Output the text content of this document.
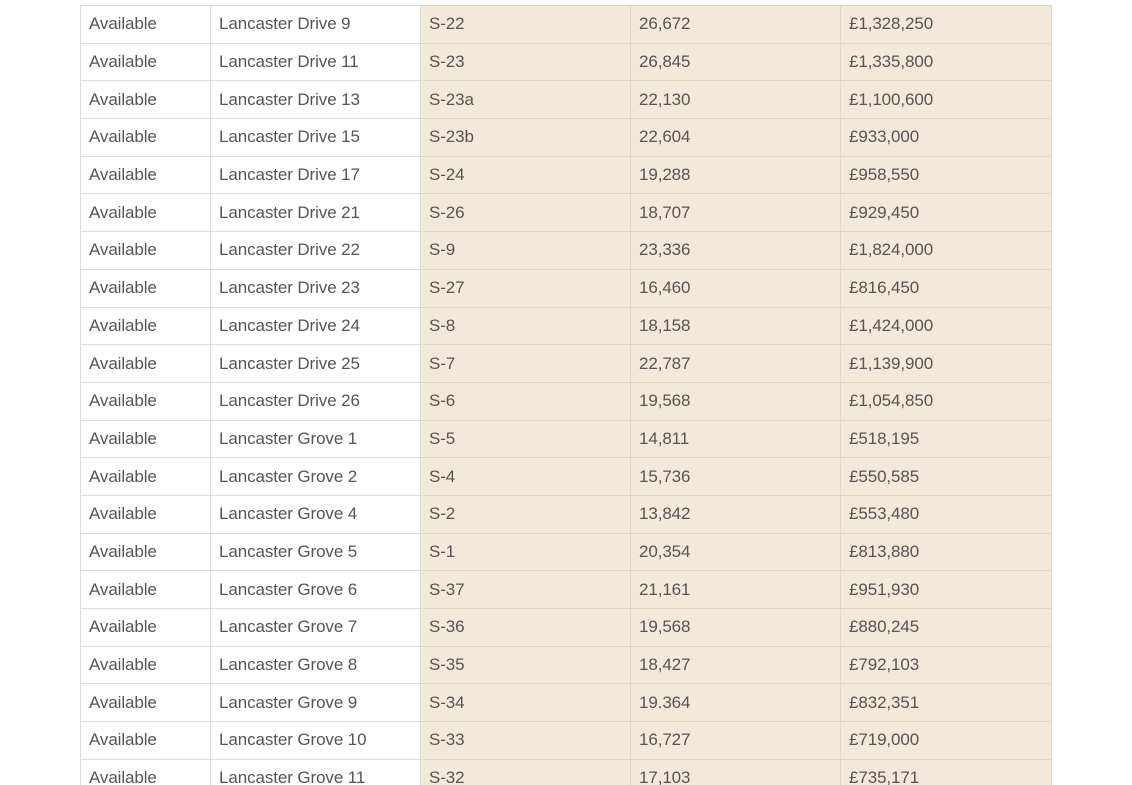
Available	Lancaster Drive 9	S-22	26,672	£1,328,250
Available	Lancaster Drive 11	S-23	26,845	£1,335,800
Available	Lancaster Drive 13	S-23a	22,130	£1,100,600
Available	Lancaster Drive 15	S-23b	22,604	£933,000
Available	Lancaster Drive 17	S-24	19,288	£958,550
Available	Lancaster Drive 21	S-26	18,707	£929,450
Available	Lancaster Drive 22	S-9	23,336	£1,824,000
Available	Lancaster Drive 23	S-27	16,460	£816,450
Available	Lancaster Drive 24	S-8	18,158	£1,424,000
Available	Lancaster Drive 25	S-7	22,787	£1,139,900
Available	Lancaster Drive 26	S-6	19,568	£1,054,850
Available	Lancaster Grove 1	S-5	14,811	£518,195
Available	Lancaster Grove 2	S-4	15,736	£550,585
Available	Lancaster Grove 4	S-2	13,842	£553,480
Available	Lancaster Grove 5	S-1	20,354	£813,880
Available	Lancaster Grove 6	S-37	21,161	£951,930
Available	Lancaster Grove 7	S-36	19,568	£880,245
Available	Lancaster Grove 8	S-35	18,427	£792,103
Available	Lancaster Grove 9	S-34	19.364	£832,351
Available	Lancaster Grove 10	S-33	16,727	£719,000
Available	Lancaster Grove 11	S-32	17,103	£735,171
